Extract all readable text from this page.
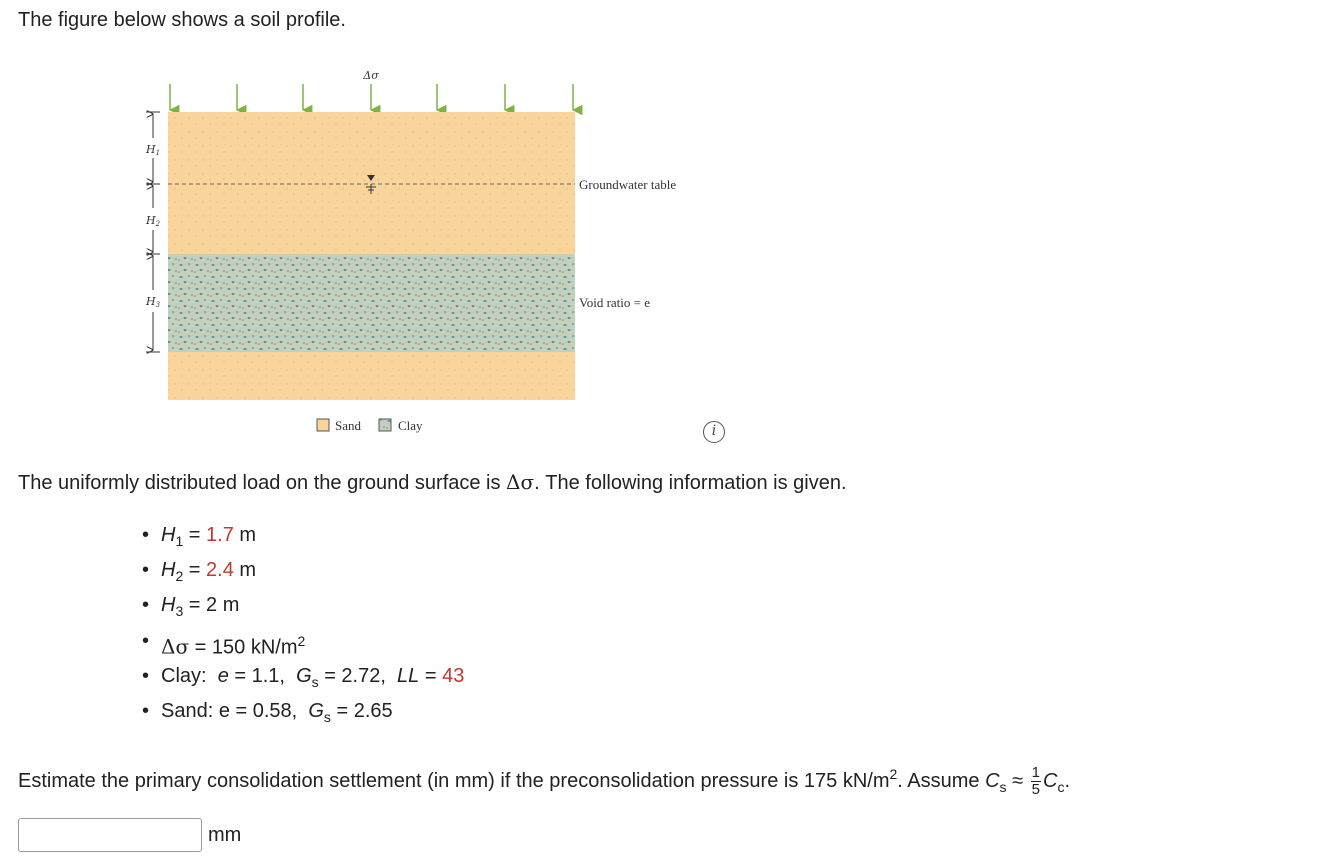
The figure below shows a soil profile.
Δσ
Groundwater table
Void ratio = e
H1
H2
H3
Sand	Clay	i
The uniformly distributed load on the ground surface is Δσ. The following information is given.
• $H_1 = 1.7$ m
• $H_2 = 2.4$ m
• $H_3 = 2$ m
• Δσ = 150 $kN/m^2$
• Clay:  e = 1.1,  $G_s = 2.72$,  LL = 43
• Sand: e = 0.58,  $G_s = 2.65$
Estimate the primary consolidation settlement (in mm) if the preconsolidation pressure is 175 $kN/m^2$. Assume $C_s \approx \frac{1}{5} C_c$.
mm
